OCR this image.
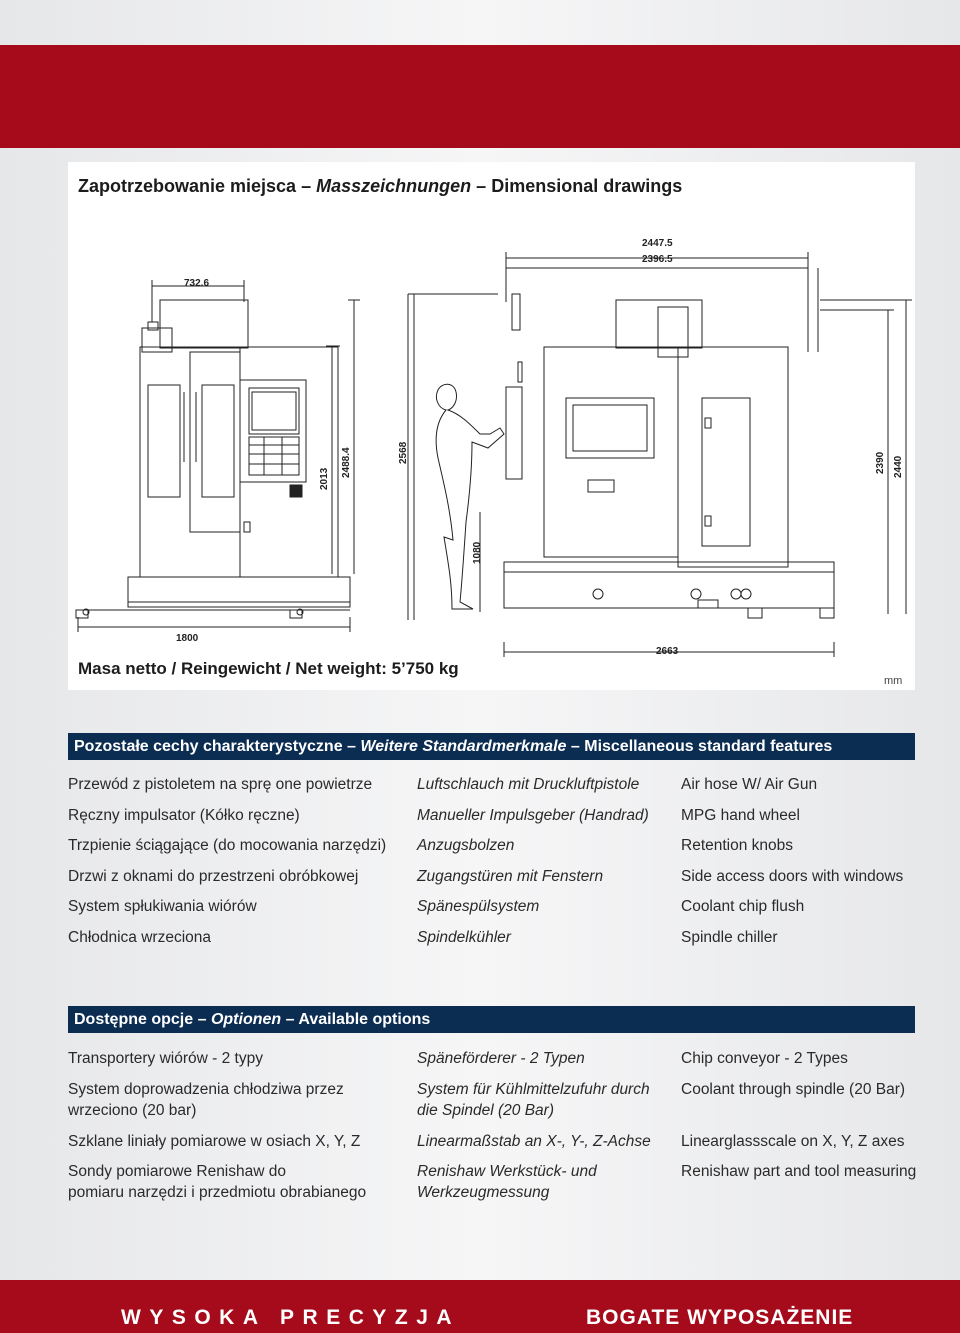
Zapotrzebowanie miejsca – Masszeichnungen – Dimensional drawings
732.6
2447.5
2396.5
1800
2663
2013
2488.4	2568
1080
2390 2440
Masa netto / Reingewicht / Net weight: 5’750 kg
mm
Pozostałe cechy charakterystyczne – Weitere Standardmerkmale – Miscellaneous standard features
Przewód z pistoletem na sprę one powietrze
Ręczny impulsator (Kółko ręczne)
Trzpienie ściągające (do mocowania narzędzi)
Drzwi z oknami do przestrzeni obróbkowej
System spłukiwania wiórów
Chłodnica wrzeciona
Luftschlauch mit Druckluftpistole
Manueller Impulsgeber (Handrad)
Anzugsbolzen
Zugangstüren mit Fenstern
Spänespülsystem
Spindelkühler
Air hose W/ Air Gun
MPG hand wheel
Retention knobs
Side access doors with windows
Coolant chip flush
Spindle chiller
Dostępne opcje – Optionen – Available options
Transportery wiórów - 2 typy
System doprowadzenia chłodziwa przez
wrzeciono (20 bar)
Szklane liniały pomiarowe w osiach X, Y, Z
Sondy pomiarowe Renishaw do
pomiaru narzędzi i przedmiotu obrabianego
Späneförderer - 2 Typen
System für Kühlmittelzufuhr durch
die Spindel (20 Bar)
Linearmaßstab an X-, Y-, Z-Achse
Renishaw Werkstück- und
Werkzeugmessung
Chip conveyor - 2 Types
Coolant through spindle (20 Bar)
Linearglassscale on X, Y, Z axes
Renishaw part and tool measuring
WYSOKA PRECYZJA	BOGATE WYPOSAŻENIE
